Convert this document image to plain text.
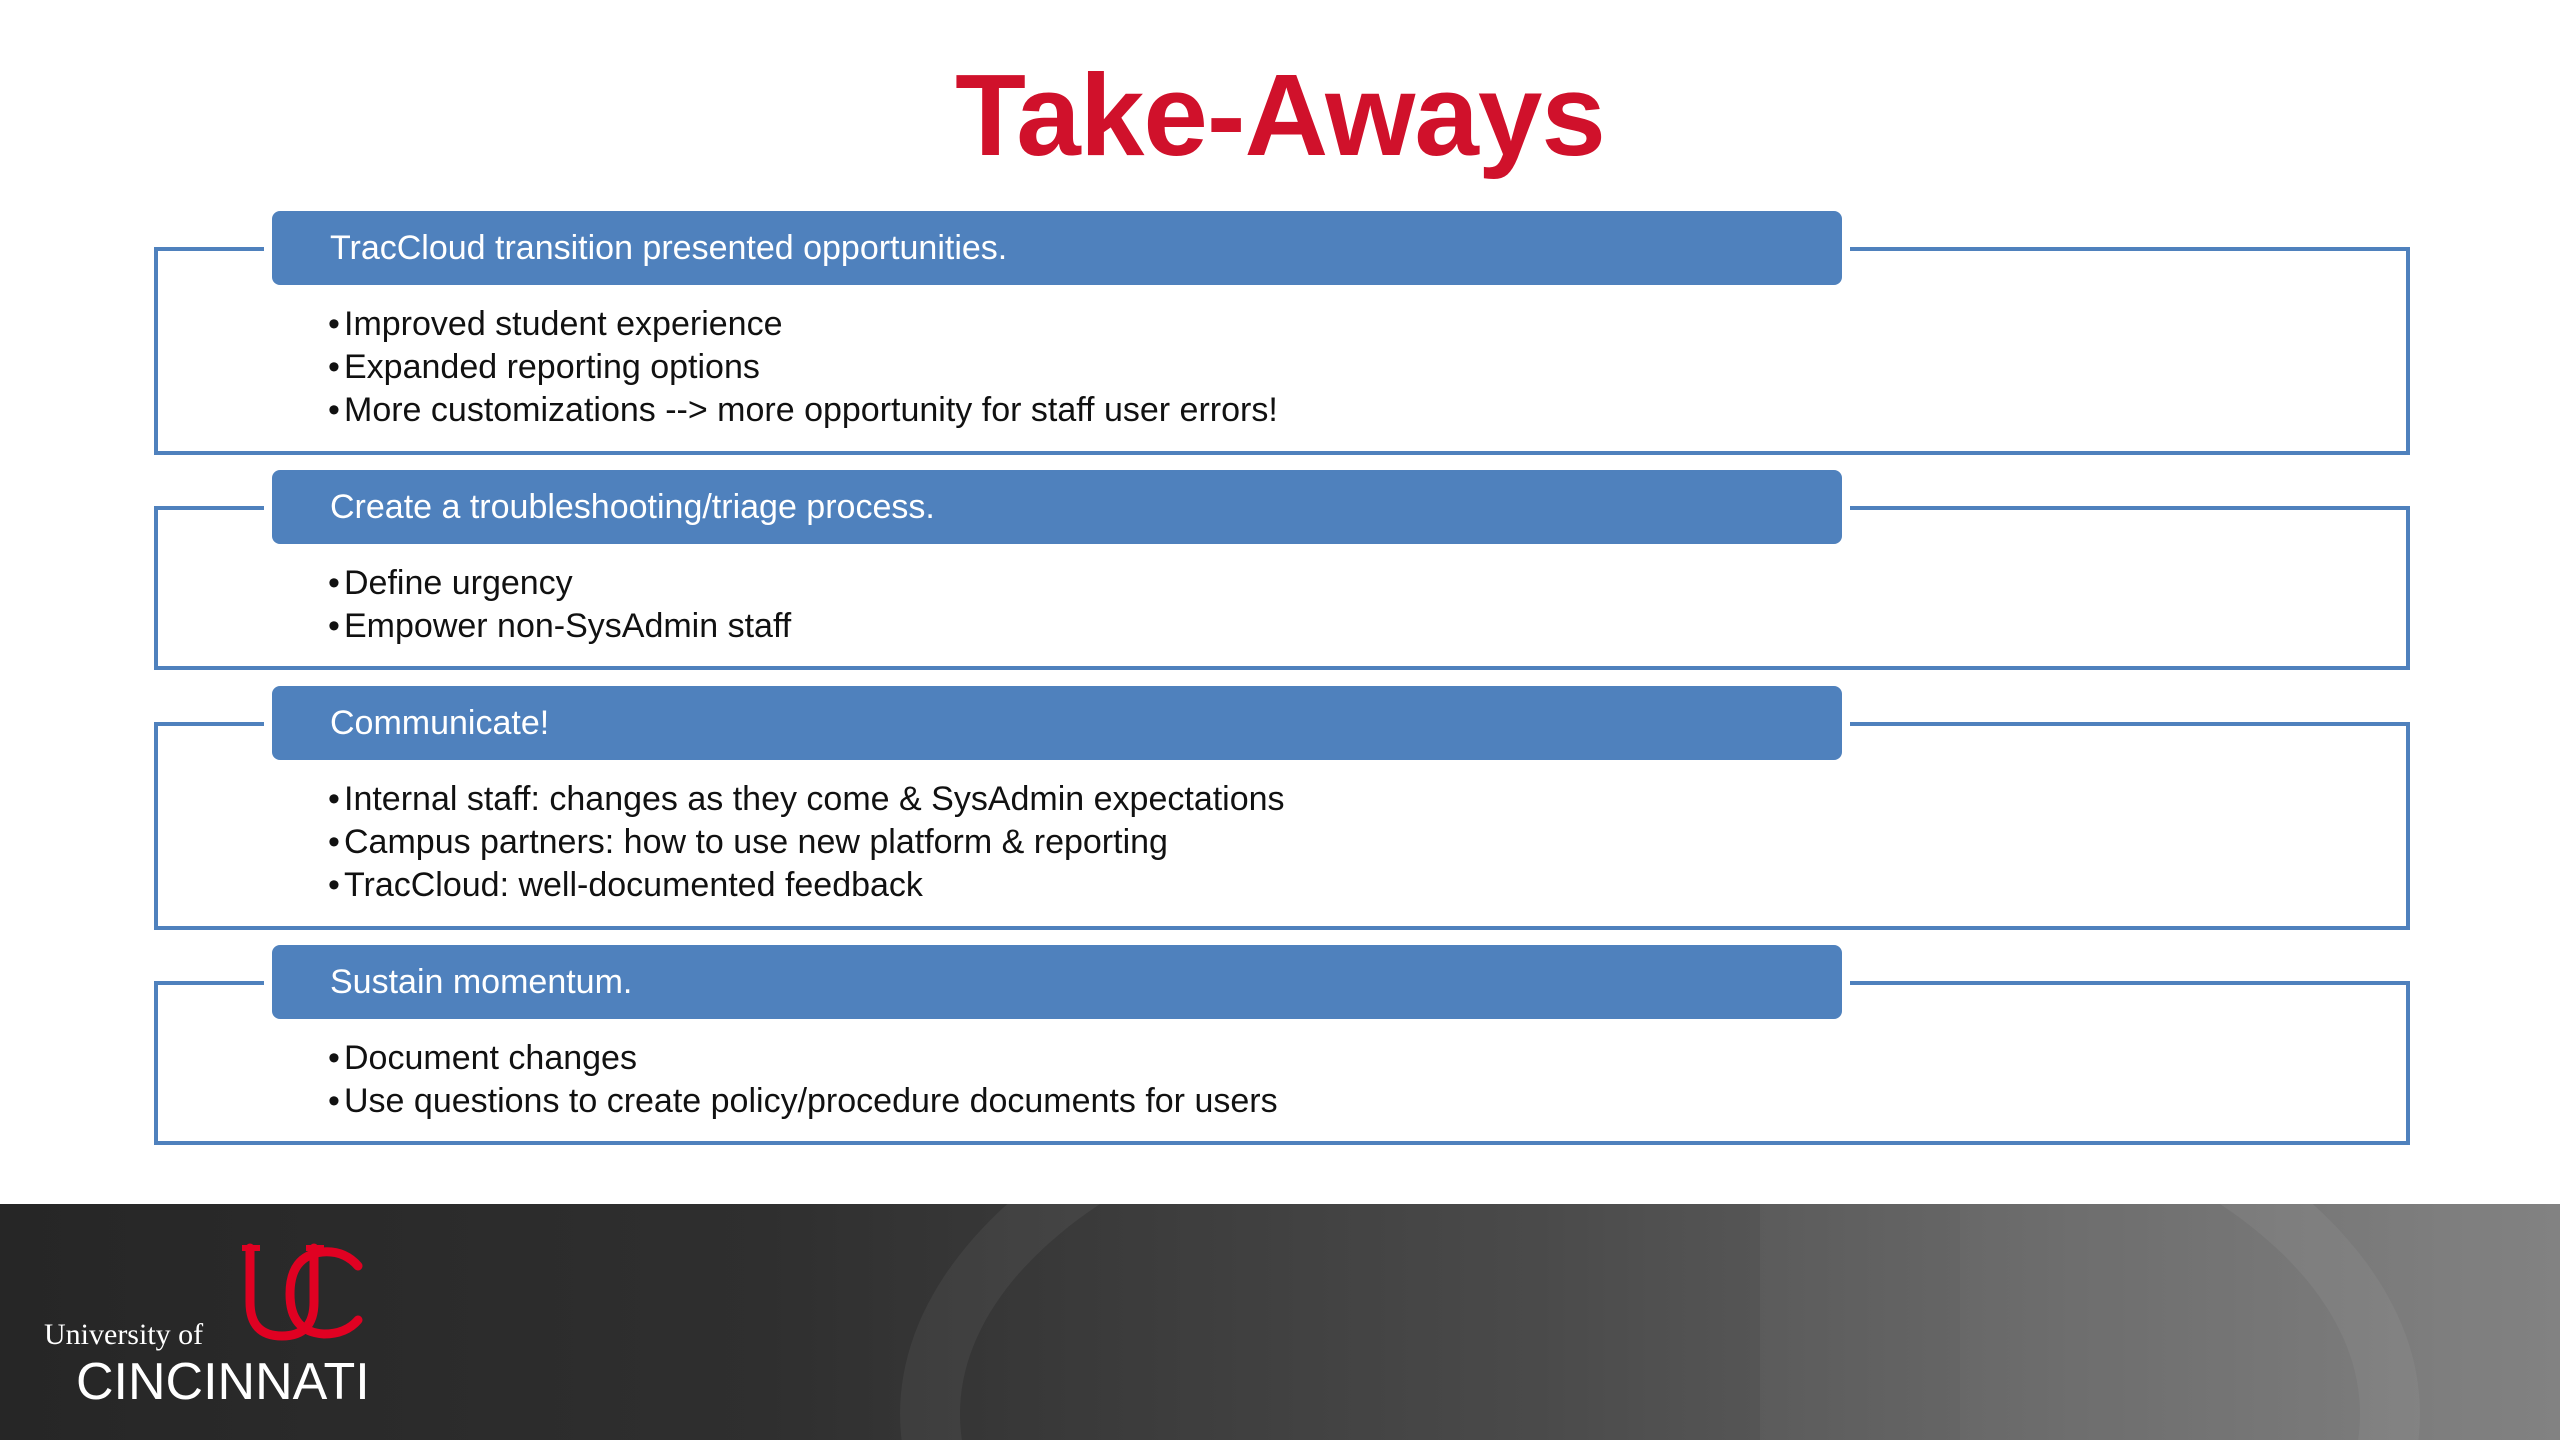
Take-Aways
TracCloud transition presented opportunities.
• Improved student experience
• Expanded reporting options
• More customizations --> more opportunity for staff user errors!
Create a troubleshooting/triage process.
• Define urgency
• Empower non-SysAdmin staff
Communicate!
• Internal staff: changes as they come & SysAdmin expectations
• Campus partners: how to use new platform & reporting
• TracCloud: well-documented feedback
Sustain momentum.
• Document changes
• Use questions to create policy/procedure documents for users
University of
CINCINNATI
